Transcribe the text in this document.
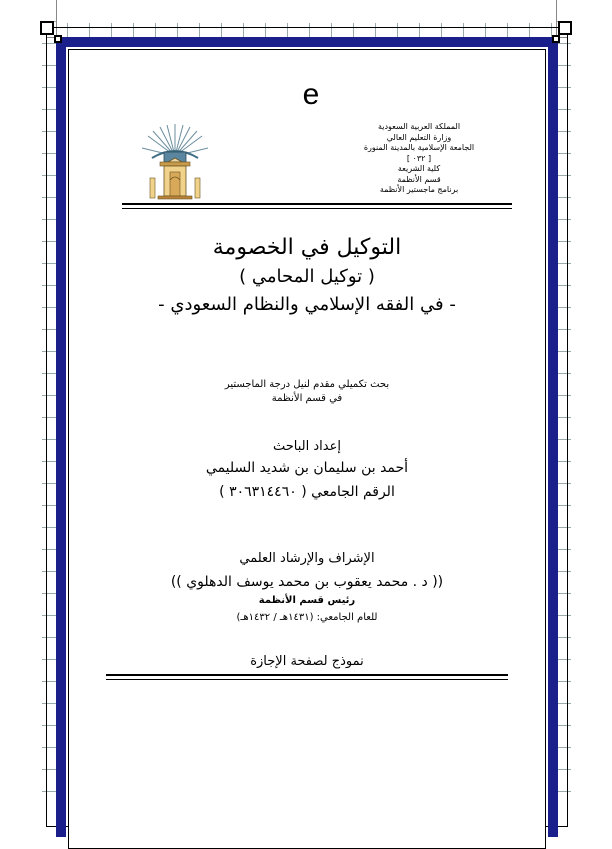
e
المملكة العربية السعودية
وزارة التعليم العالي
الجامعة الإسلامية بالمدينة المنورة
[ ٠٣٢ ]
كلية الشريعة
قسم الأنظمة
برنامج ماجستير الأنظمة
التوكيل في الخصومة
( توكيل المحامي )
- في الفقه الإسلامي والنظام السعودي -
بحث تكميلي مقدم لنيل درجة الماجستير
في قسم الأنظمة
إعداد الباحث
أحمد بن سليمان بن شديد السليمي
الرقم الجامعي ( ٣٠٦٣١٤٤٦٠ )
الإشراف والإرشاد العلمي
(( د . محمد يعقوب بن محمد يوسف الدهلوي ))
رئيس قسم الأنظمة
للعام الجامعي: (١٤٣١هـ / ١٤٣٢هـ)
نموذج لصفحة الإجازة
